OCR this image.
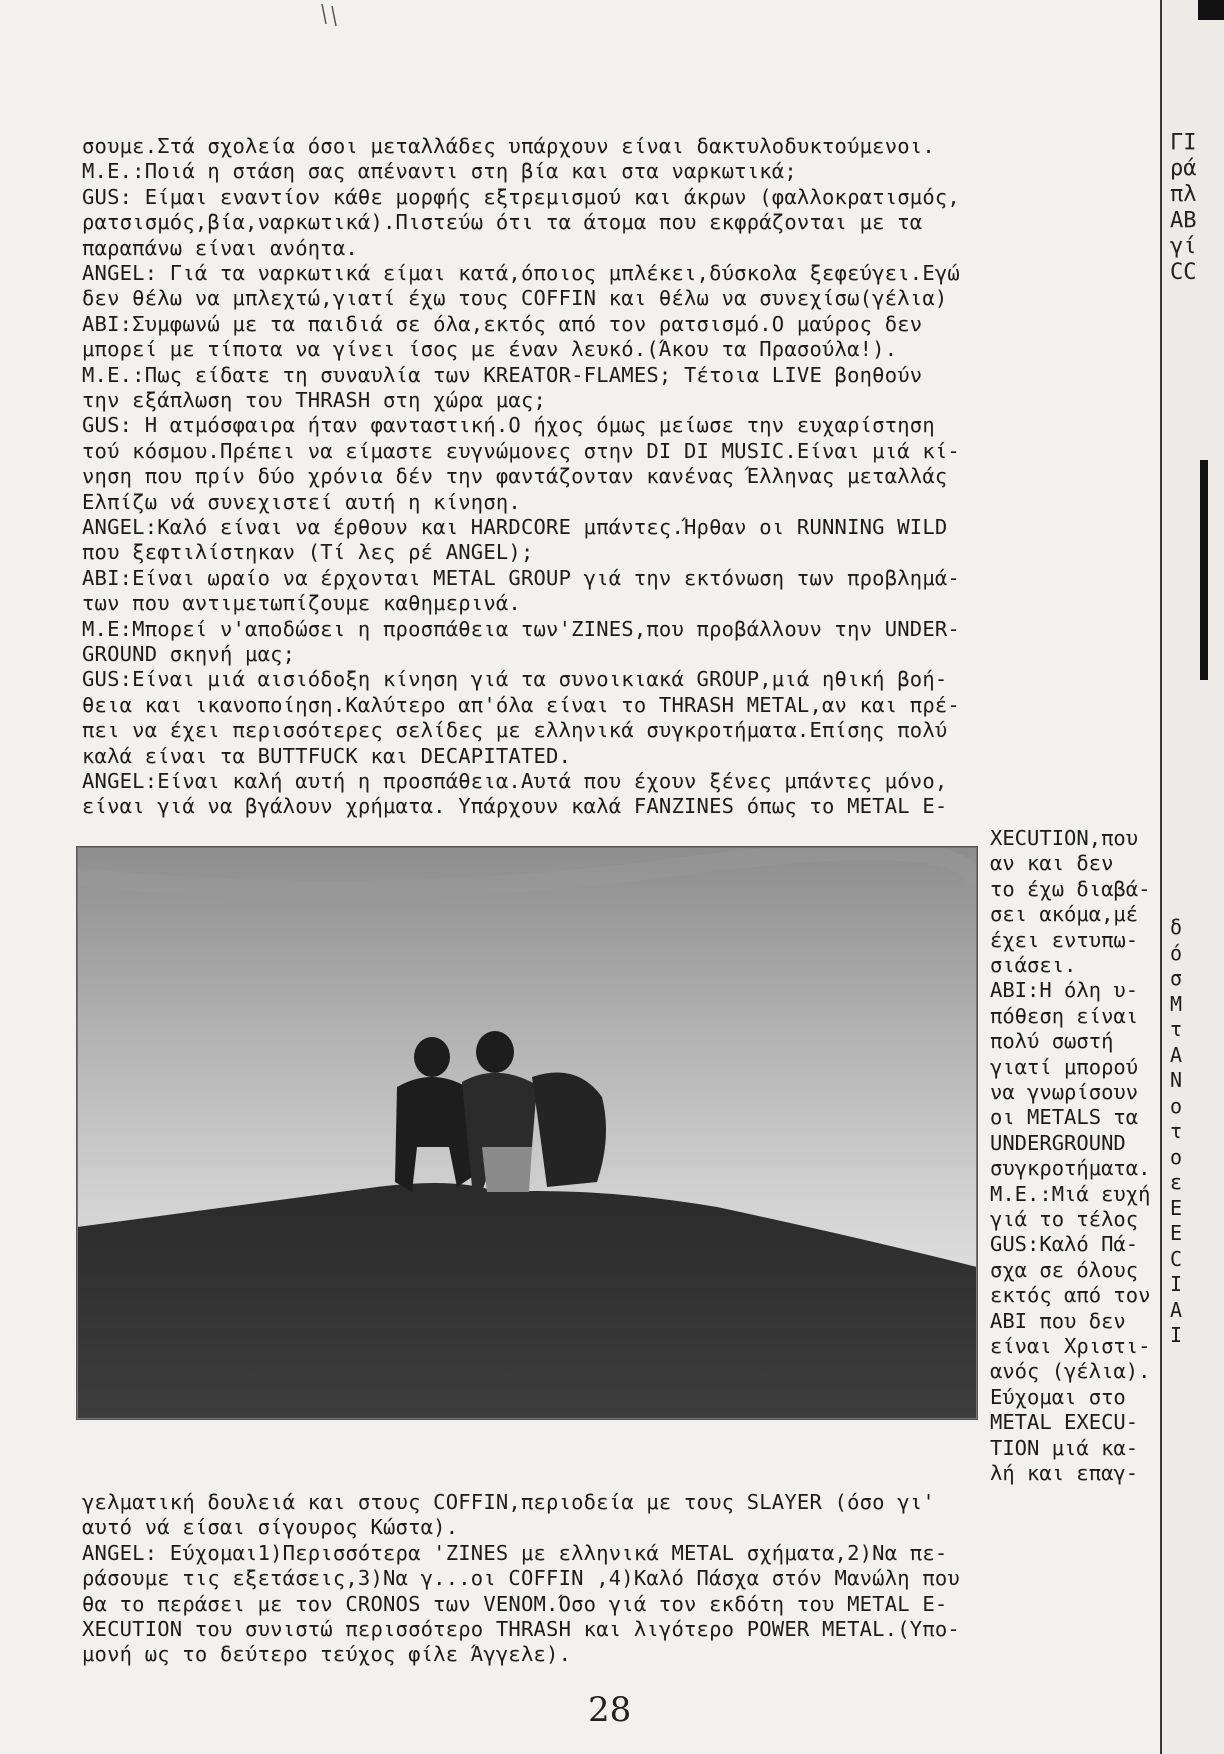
σουμε.Στά σχολεία όσοι μεταλλάδες υπάρχουν είναι δακτυλοδυκτούμενοι.
Μ.Ε.:Ποιά η στάση σας απέναντι στη βία και στα ναρκωτικά;
GUS: Είμαι εναντίον κάθε μορφής εξτρεμισμού και άκρων (φαλλοκρατισμός,
ρατσισμός,βία,ναρκωτικά).Πιστεύω ότι τα άτομα που εκφράζονται με τα
παραπάνω είναι ανόητα.
ANGEL: Γιά τα ναρκωτικά είμαι κατά,όποιος μπλέκει,δύσκολα ξεφεύγει.Εγώ
δεν θέλω να μπλεχτώ,γιατί έχω τους COFFIN και θέλω να συνεχίσω(γέλια)
ABI:Συμφωνώ με τα παιδιά σε όλα,εκτός από τον ρατσισμό.Ο μαύρος δεν
μπορεί με τίποτα να γίνει ίσος με έναν λευκό.(Άκου τα Πρασούλα!).
Μ.Ε.:Πως είδατε τη συναυλία των KREATOR-FLAMES; Τέτοια LIVE βοηθούν
την εξάπλωση του THRASH στη χώρα μας;
GUS: Η ατμόσφαιρα ήταν φανταστική.Ο ήχος όμως μείωσε την ευχαρίστηση
τού κόσμου.Πρέπει να είμαστε ευγνώμονες στην DI DI MUSIC.Είναι μιά κί-
νηση που πρίν δύο χρόνια δέν την φαντάζονταν κανένας Έλληνας μεταλλάς
Ελπίζω νά συνεχιστεί αυτή η κίνηση.
ANGEL:Καλό είναι να έρθουν και HARDCORE μπάντες.Ήρθαν οι RUNNING WILD
που ξεφτιλίστηκαν (Τί λες ρέ ANGEL);
ABI:Είναι ωραίο να έρχονται METAL GROUP γιά την εκτόνωση των προβλημά-
των που αντιμετωπίζουμε καθημερινά.
Μ.Ε:Μπορεί ν'αποδώσει η προσπάθεια των'ZINES,που προβάλλουν την UNDER-
GROUND σκηνή μας;
GUS:Είναι μιά αισιόδοξη κίνηση γιά τα συνοικιακά GROUP,μιά ηθική βοή-
θεια και ικανοποίηση.Καλύτερο απ'όλα είναι το THRASH METAL,αν και πρέ-
πει να έχει περισσότερες σελίδες με ελληνικά συγκροτήματα.Επίσης πολύ
καλά είναι τα BUTTFUCK και DECAPITATED.
ANGEL:Είναι καλή αυτή η προσπάθεια.Αυτά που έχουν ξένες μπάντες μόνο,
είναι γιά να βγάλουν χρήματα. Υπάρχουν καλά FANZINES όπως το METAL E-
XECUTION,που
αν και δεν
το έχω διαβά-
σει ακόμα,μέ
έχει εντυπω-
σιάσει.
ABI:Η όλη υ-
πόθεση είναι
πολύ σωστή
γιατί μπορού
να γνωρίσουν
οι METALS τα
UNDERGROUND
συγκροτήματα.
Μ.Ε.:Μιά ευχή
γιά το τέλος
GUS:Καλό Πά-
σχα σε όλους
εκτός από τον
ABI που δεν
είναι Χριστι-
ανός (γέλια).
Εύχομαι στο
METAL EXECU-
TION μιά κα-
λή και επαγ-
γελματική δουλειά και στους COFFIN,περιοδεία με τους SLAYER (όσο γι'
αυτό νά είσαι σίγουρος Κώστα).
ANGEL: Εύχομαι1)Περισσότερα 'ZINES με ελληνικά METAL σχήματα,2)Να πε-
ράσουμε τις εξετάσεις,3)Να γ...οι COFFIN ,4)Καλό Πάσχα στόν Μανώλη που
θα το περάσει με τον CRONOS των VENOM.Όσο γιά τον εκδότη του METAL E-
XECUTION του συνιστώ περισσότερο THRASH και λιγότερο POWER METAL.(Υπο-
μονή ως το δεύτερο τεύχος φίλε Άγγελε).
28
ΓΙ
ρά
πλ
ΑΒ
γί
CC
δ
ό
σ
Μ
τ
Α
Ν
ο
τ
ο
ε
Ε
Ε
C
Ι
Α
Ι
